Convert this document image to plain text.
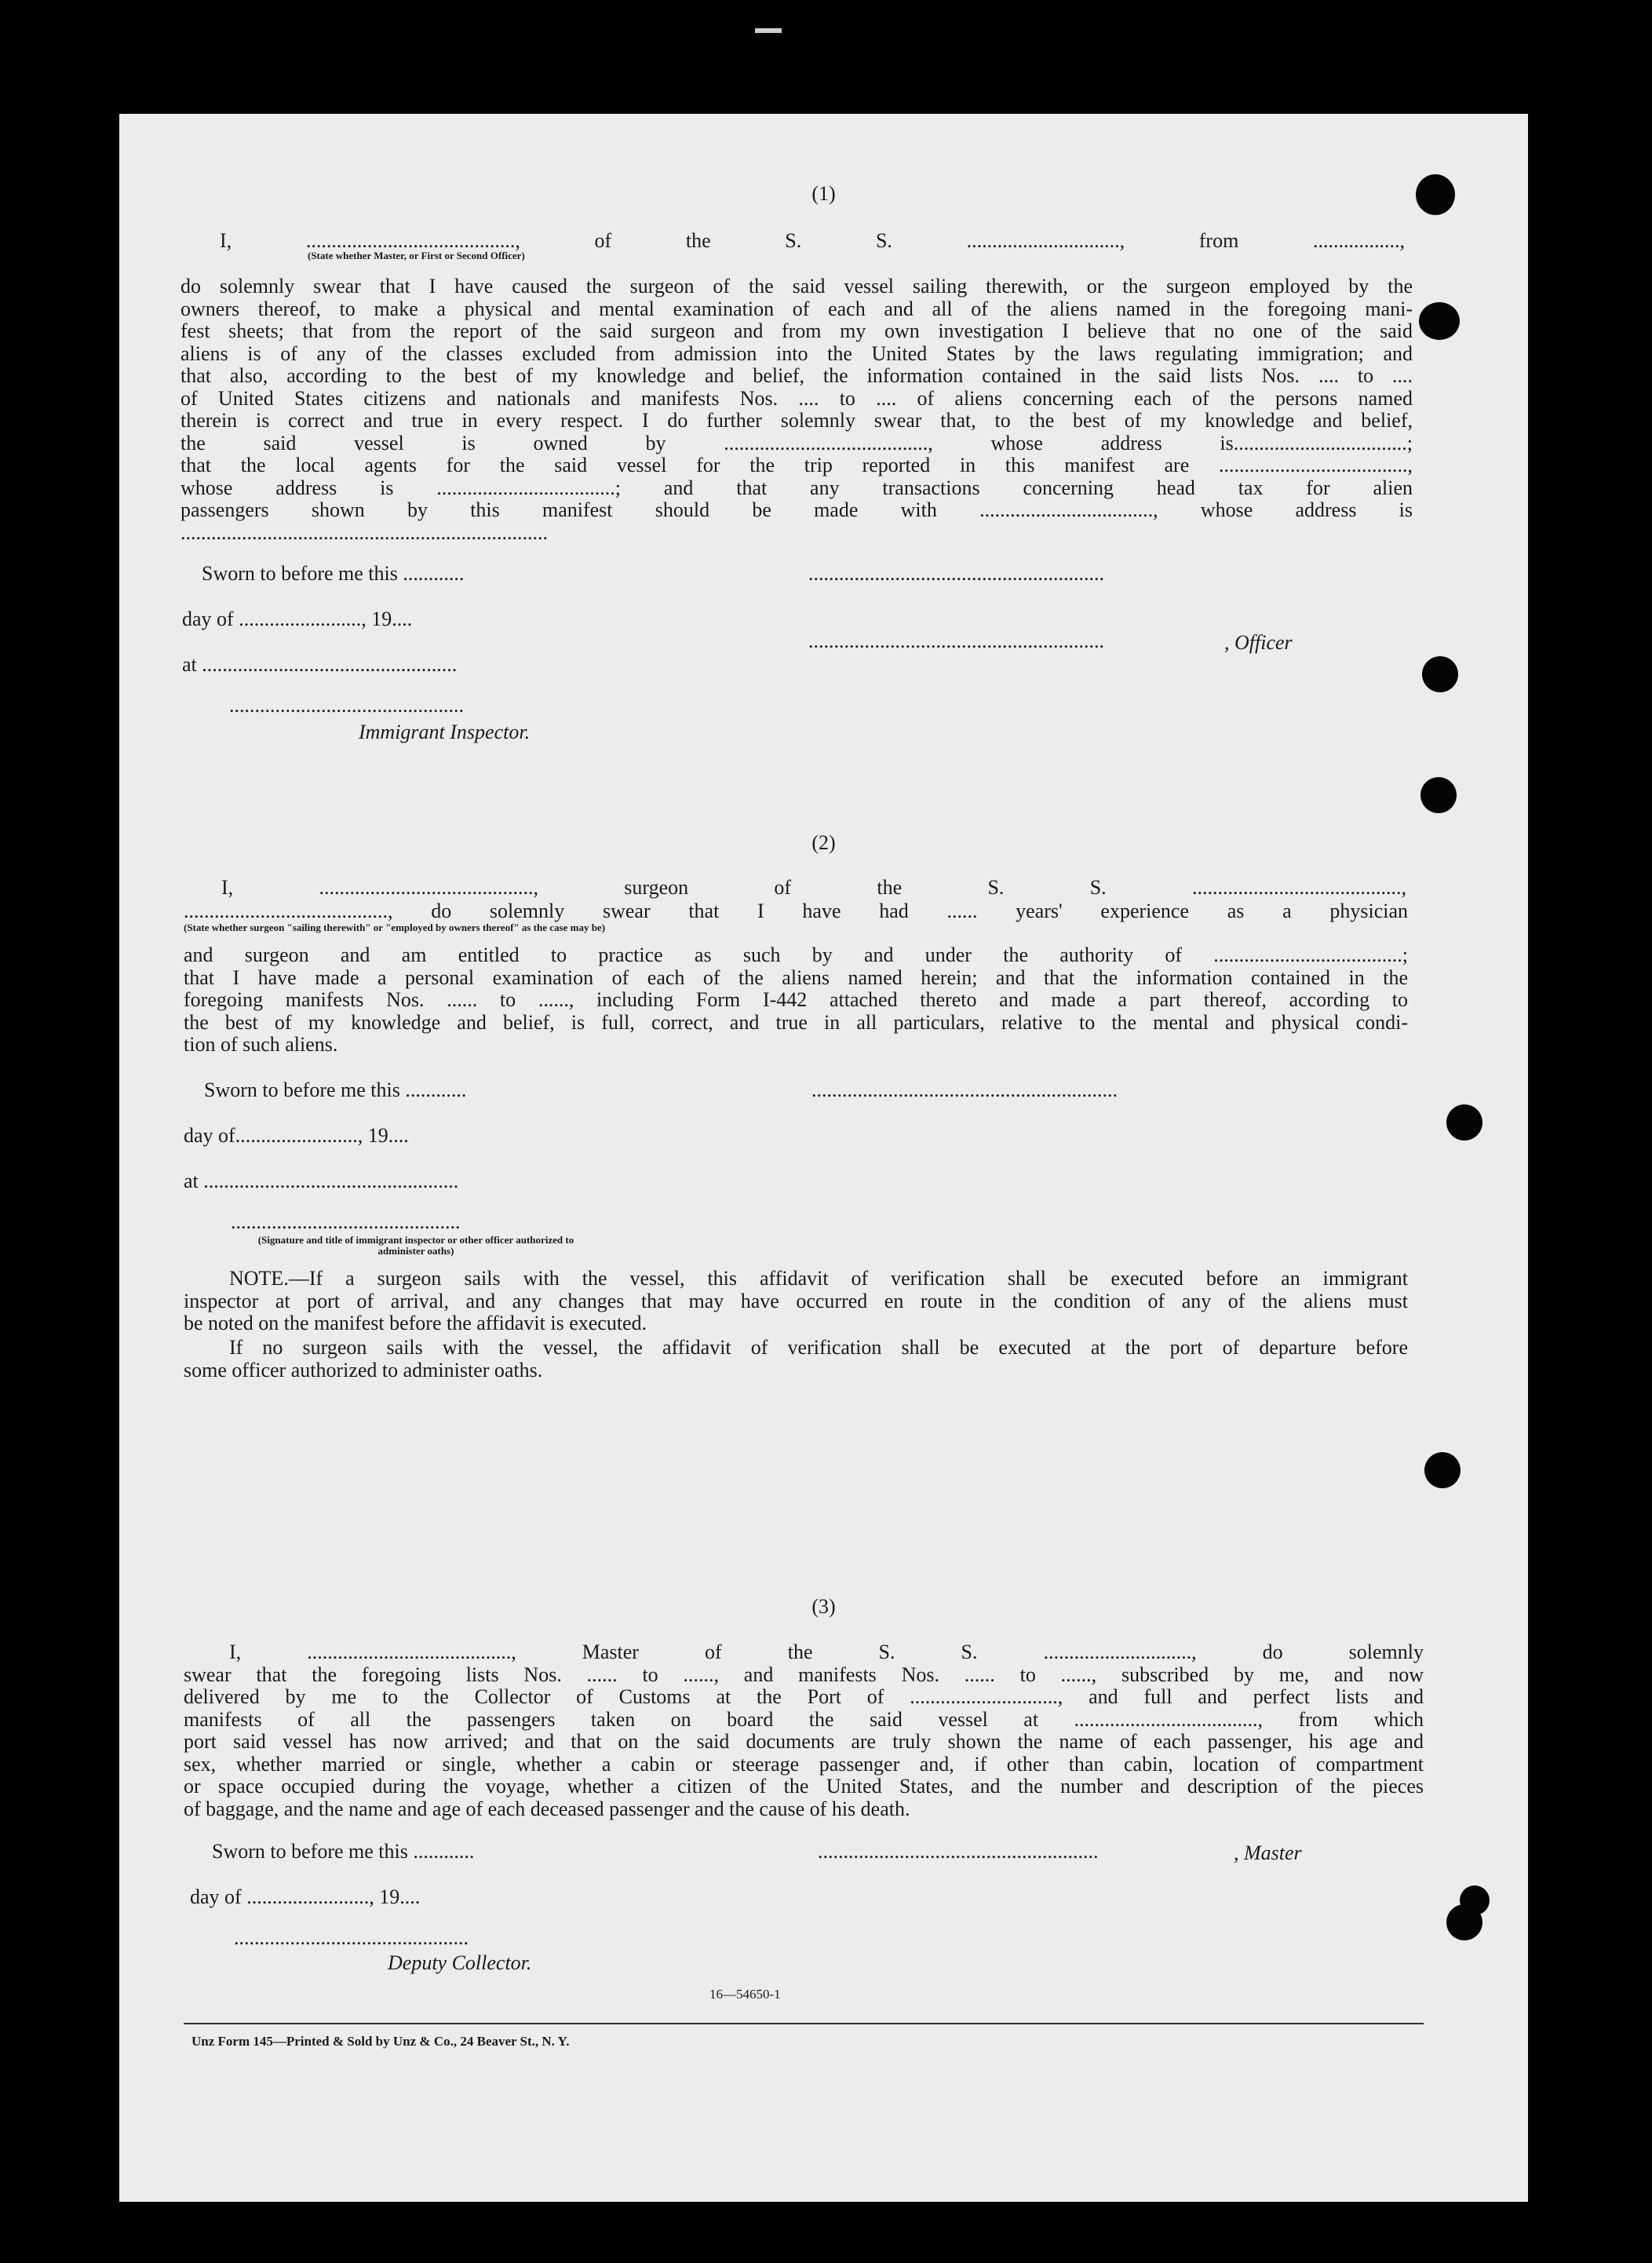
(1)
I, ........................................., of the S. S. .............................., from .................,
(State whether Master, or First or Second Officer)
do solemnly swear that I have caused the surgeon of the said vessel sailing therewith, or the surgeon employed by the
owners thereof, to make a physical and mental examination of each and all of the aliens named in the foregoing mani-
fest sheets; that from the report of the said surgeon and from my own investigation I believe that no one of the said
aliens is of any of the classes excluded from admission into the United States by the laws regulating immigration; and
that also, according to the best of my knowledge and belief, the information contained in the said lists Nos. .... to ....
of United States citizens and nationals and manifests Nos. .... to .... of aliens concerning each of the persons named
therein is correct and true in every respect. I do further solemnly swear that, to the best of my knowledge and belief,
the said vessel is owned by ........................................, whose address is..................................;
that the local agents for the said vessel for the trip reported in this manifest are .....................................,
whose address is ...................................; and that any transactions concerning head tax for alien
passengers shown by this manifest should be made with .................................., whose address is
........................................................................
Sworn to before me this ............	..........................................................
day of ........................, 19....
..........................................................	, Officer
at ..................................................
..............................................
Immigrant Inspector.
(2)
I, .........................................., surgeon of the S. S. .........................................,
........................................, do solemnly swear that I have had ...... years' experience as a physician
(State whether surgeon "sailing therewith" or "employed by owners thereof" as the case may be)
and surgeon and am entitled to practice as such by and under the authority of .....................................;
that I have made a personal examination of each of the aliens named herein; and that the information contained in the
foregoing manifests Nos. ...... to ......, including Form I-442 attached thereto and made a part thereof, according to
the best of my knowledge and belief, is full, correct, and true in all particulars, relative to the mental and physical condi-
tion of such aliens.
Sworn to before me this ............	............................................................
day of........................, 19....
at ..................................................
.............................................
(Signature and title of immigrant inspector or other officer authorized to administer oaths)
NOTE.—If a surgeon sails with the vessel, this affidavit of verification shall be executed before an immigrant
inspector at port of arrival, and any changes that may have occurred en route in the condition of any of the aliens must
be noted on the manifest before the affidavit is executed.
If no surgeon sails with the vessel, the affidavit of verification shall be executed at the port of departure before
some officer authorized to administer oaths.
(3)
I, ........................................, Master of the S. S. ............................., do solemnly
swear that the foregoing lists Nos. ...... to ......, and manifests Nos. ...... to ......, subscribed by me, and now
delivered by me to the Collector of Customs at the Port of ............................., and full and perfect lists and
manifests of all the passengers taken on board the said vessel at ...................................., from which
port said vessel has now arrived; and that on the said documents are truly shown the name of each passenger, his age and
sex, whether married or single, whether a cabin or steerage passenger and, if other than cabin, location of compartment
or space occupied during the voyage, whether a citizen of the United States, and the number and description of the pieces
of baggage, and the name and age of each deceased passenger and the cause of his death.
Sworn to before me this ............	.......................................................	, Master
day of ........................, 19....
..............................................
Deputy Collector.
16—54650-1
Unz Form 145—Printed & Sold by Unz & Co., 24 Beaver St., N. Y.
